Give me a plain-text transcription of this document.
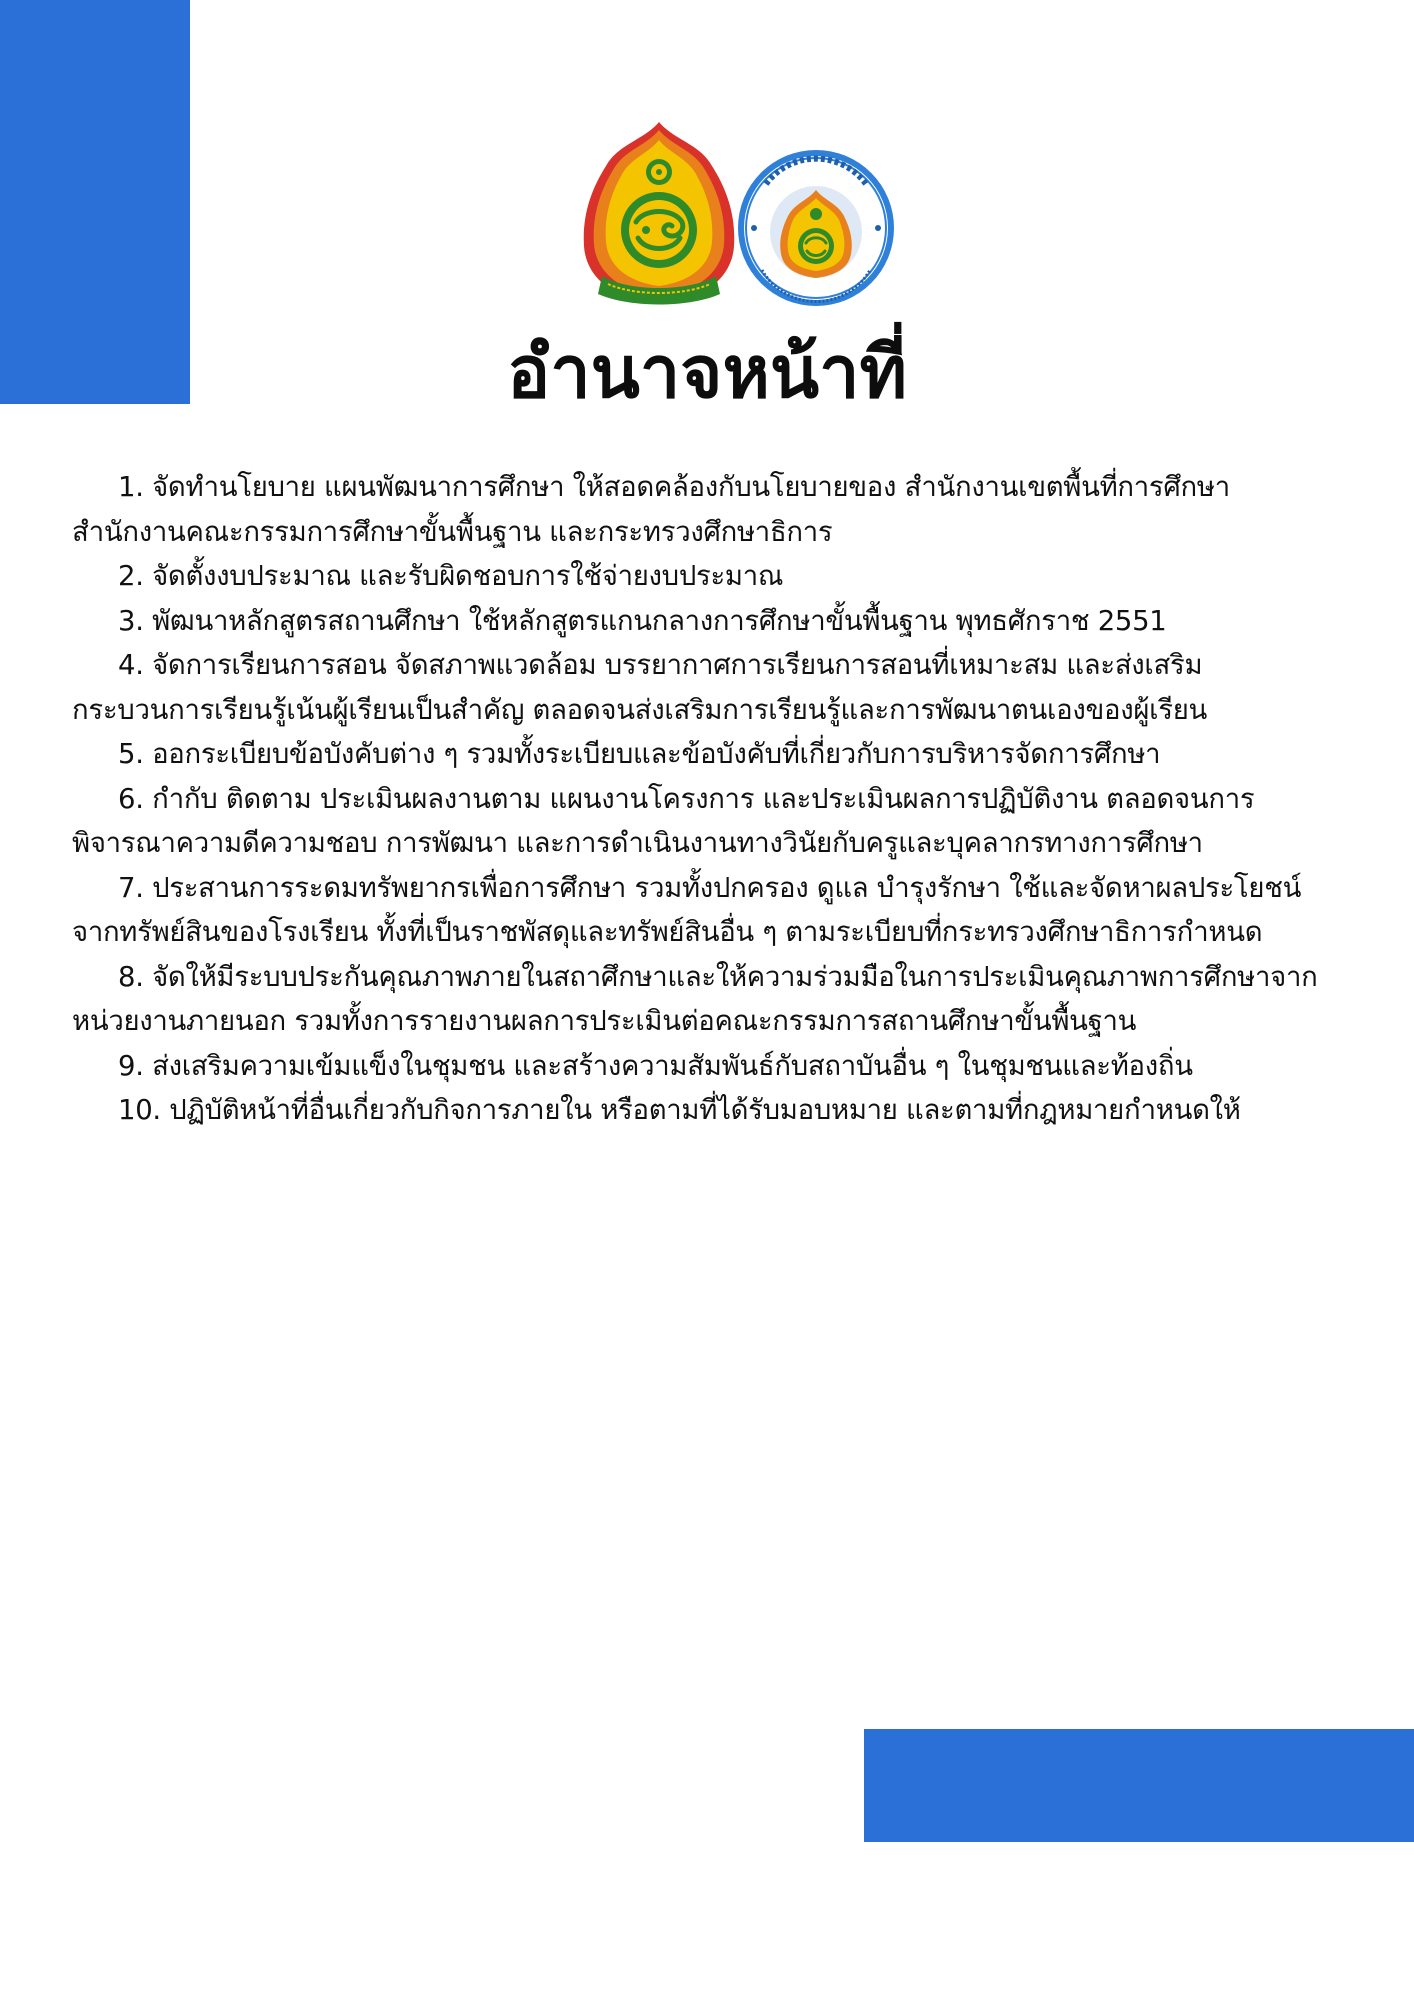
อำนาจหน้าที่

1. จัดทำนโยบาย แผนพัฒนาการศึกษา ให้สอดคล้องกับนโยบายของ สำนักงานเขตพื้นที่การศึกษาสำนักงานคณะกรรมการศึกษาขั้นพื้นฐาน และกระทรวงศึกษาธิการ

2. จัดตั้งงบประมาณ และรับผิดชอบการใช้จ่ายงบประมาณ

3. พัฒนาหลักสูตรสถานศึกษา ใช้หลักสูตรแกนกลางการศึกษาขั้นพื้นฐาน พุทธศักราช 2551

4. จัดการเรียนการสอน จัดสภาพแวดล้อม บรรยากาศการเรียนการสอนที่เหมาะสม และส่งเสริมกระบวนการเรียนรู้เน้นผู้เรียนเป็นสำคัญ ตลอดจนส่งเสริมการเรียนรู้และการพัฒนาตนเองของผู้เรียน

5. ออกระเบียบข้อบังคับต่าง ๆ รวมทั้งระเบียบและข้อบังคับที่เกี่ยวกับการบริหารจัดการศึกษา

6. กำกับ ติดตาม ประเมินผลงานตาม แผนงานโครงการ และประเมินผลการปฏิบัติงาน ตลอดจนการพิจารณาความดีความชอบ การพัฒนา และการดำเนินงานทางวินัยกับครูและบุคลากรทางการศึกษา

7. ประสานการระดมทรัพยากรเพื่อการศึกษา รวมทั้งปกครอง ดูแล บำรุงรักษา ใช้และจัดหาผลประโยชน์จากทรัพย์สินของโรงเรียน ทั้งที่เป็นราชพัสดุและทรัพย์สินอื่น ๆ ตามระเบียบที่กระทรวงศึกษาธิการกำหนด

8. จัดให้มีระบบประกันคุณภาพภายในสถาศึกษาและให้ความร่วมมือในการประเมินคุณภาพการศึกษาจากหน่วยงานภายนอก รวมทั้งการรายงานผลการประเมินต่อคณะกรรมการสถานศึกษาขั้นพื้นฐาน

9. ส่งเสริมความเข้มแข็งในชุมชน และสร้างความสัมพันธ์กับสถาบันอื่น ๆ ในชุมชนและท้องถิ่น

10. ปฏิบัติหน้าที่อื่นเกี่ยวกับกิจการภายใน หรือตามที่ได้รับมอบหมาย และตามที่กฎหมายกำหนดให้
